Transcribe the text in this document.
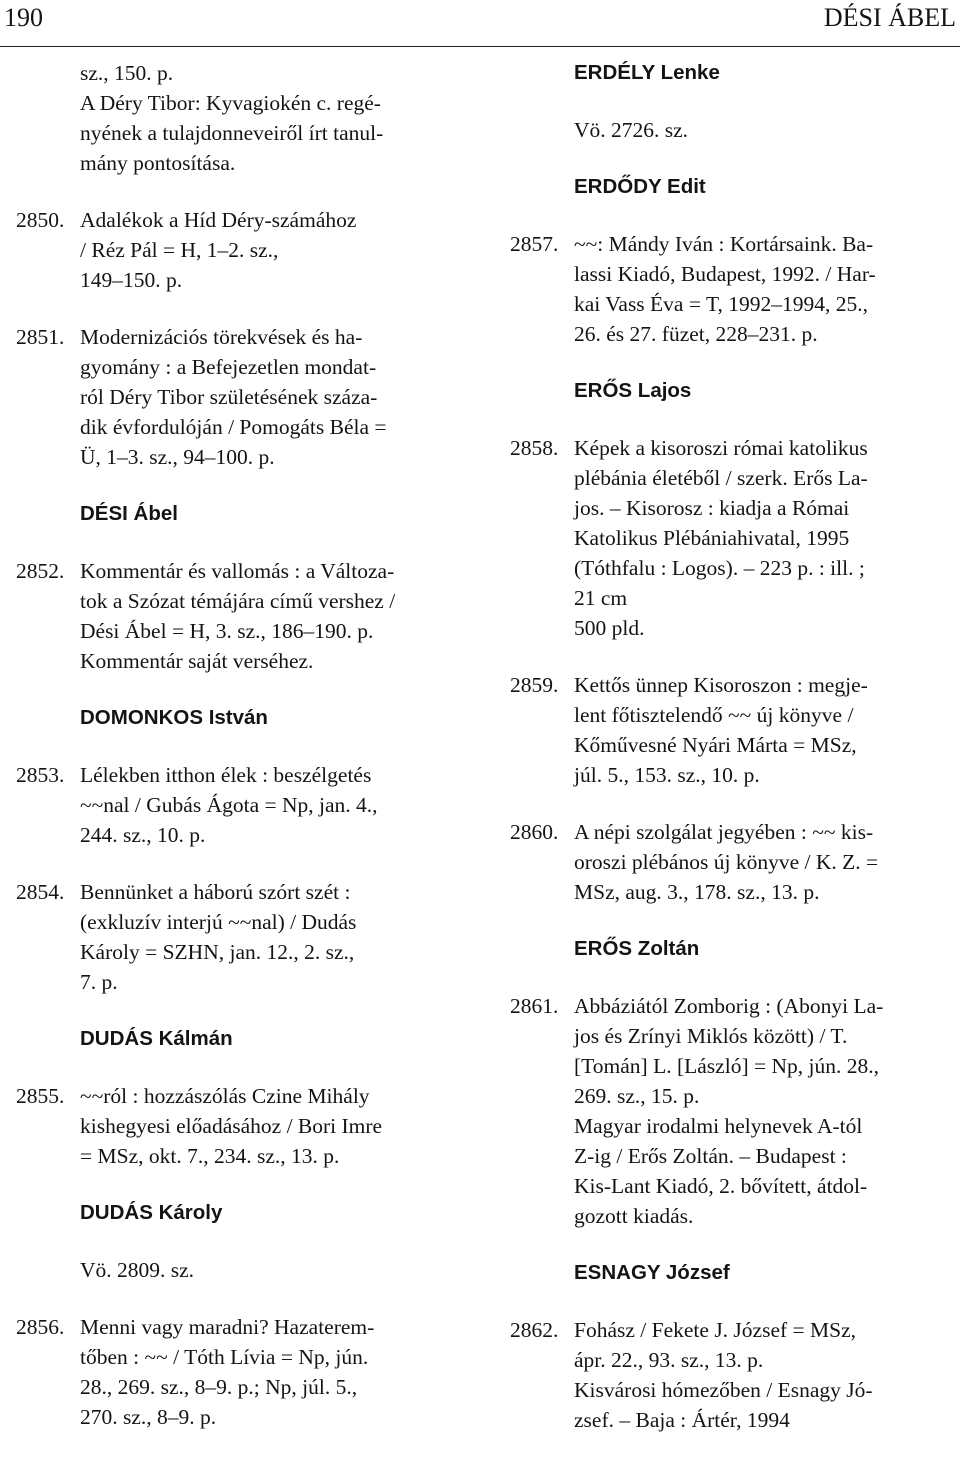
190	DÉSI ÁBEL
sz., 150. p.
A Déry Tibor: Kyvagiokén c. regé-
nyének a tulajdonneveiről írt tanul-
mány pontosítása.
2850. Adalékok a Híd Déry-számához
/ Réz Pál = H, 1–2. sz.,
149–150. p.
2851. Modernizációs törekvések és ha-
gyomány : a Befejezetlen mondat-
ról Déry Tibor születésének száza-
dik évfordulóján / Pomogáts Béla =
Ü, 1–3. sz., 94–100. p.
DÉSI Ábel
2852. Kommentár és vallomás : a Változa-
tok a Szózat témájára című vershez /
Dési Ábel = H, 3. sz., 186–190. p.
Kommentár saját verséhez.
DOMONKOS István
2853. Lélekben itthon élek : beszélgetés
~~nal / Gubás Ágota = Np, jan. 4.,
244. sz., 10. p.
2854. Bennünket a háború szórt szét :
(exkluzív interjú ~~nal) / Dudás
Károly = SZHN, jan. 12., 2. sz.,
7. p.
DUDÁS Kálmán
2855. ~~ról : hozzászólás Czine Mihály
kishegyesi előadásához / Bori Imre
= MSz, okt. 7., 234. sz., 13. p.
DUDÁS Károly
Vö. 2809. sz.
2856. Menni vagy maradni? Hazaterem-
tőben : ~~ / Tóth Lívia = Np, jún.
28., 269. sz., 8–9. p.; Np, júl. 5.,
270. sz., 8–9. p.
ERDÉLY Lenke
Vö. 2726. sz.
ERDŐDY Edit
2857. ~~: Mándy Iván : Kortársaink. Ba-
lassi Kiadó, Budapest, 1992. / Har-
kai Vass Éva = T, 1992–1994, 25.,
26. és 27. füzet, 228–231. p.
ERŐS Lajos
2858. Képek a kisoroszi római katolikus
plébánia életéből / szerk. Erős La-
jos. – Kisorosz : kiadja a Római
Katolikus Plébániahivatal, 1995
(Tóthfalu : Logos). – 223 p. : ill. ;
21 cm
500 pld.
2859. Kettős ünnep Kisoroszon : megje-
lent főtisztelendő ~~ új könyve /
Kőművesné Nyári Márta = MSz,
júl. 5., 153. sz., 10. p.
2860. A népi szolgálat jegyében : ~~ kis-
oroszi plébános új könyve / K. Z. =
MSz, aug. 3., 178. sz., 13. p.
ERŐS Zoltán
2861. Abbáziától Zomborig : (Abonyi La-
jos és Zrínyi Miklós között) / T.
[Tomán] L. [László] = Np, jún. 28.,
269. sz., 15. p.
Magyar irodalmi helynevek A-tól
Z-ig / Erős Zoltán. – Budapest :
Kis-Lant Kiadó, 2. bővített, átdol-
gozott kiadás.
ESNAGY József
2862. Fohász / Fekete J. József = MSz,
ápr. 22., 93. sz., 13. p.
Kisvárosi hómezőben / Esnagy Jó-
zsef. – Baja : Ártér, 1994
